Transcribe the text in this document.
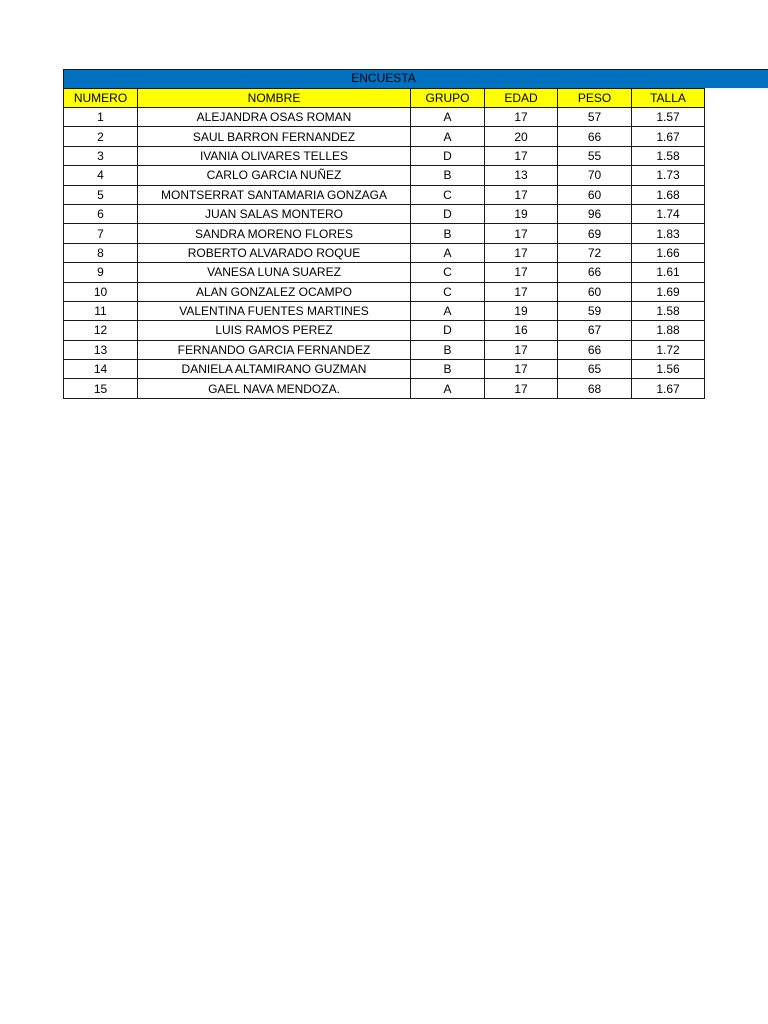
ENCUESTA
NUMERO	NOMBRE	GRUPO	EDAD	PESO	TALLA
1	ALEJANDRA OSAS ROMAN	A	17	57	1.57
2	SAUL BARRON FERNANDEZ	A	20	66	1.67
3	IVANIA OLIVARES TELLES	D	17	55	1.58
4	CARLO GARCIA NUÑEZ	B	13	70	1.73
5	MONTSERRAT SANTAMARIA GONZAGA	C	17	60	1.68
6	JUAN SALAS MONTERO	D	19	96	1.74
7	SANDRA MORENO FLORES	B	17	69	1.83
8	ROBERTO ALVARADO ROQUE	A	17	72	1.66
9	VANESA LUNA SUAREZ	C	17	66	1.61
10	ALAN GONZALEZ OCAMPO	C	17	60	1.69
11	VALENTINA FUENTES MARTINES	A	19	59	1.58
12	LUIS RAMOS PEREZ	D	16	67	1.88
13	FERNANDO GARCIA FERNANDEZ	B	17	66	1.72
14	DANIELA ALTAMIRANO GUZMAN	B	17	65	1.56
15	GAEL NAVA MENDOZA.	A	17	68	1.67
